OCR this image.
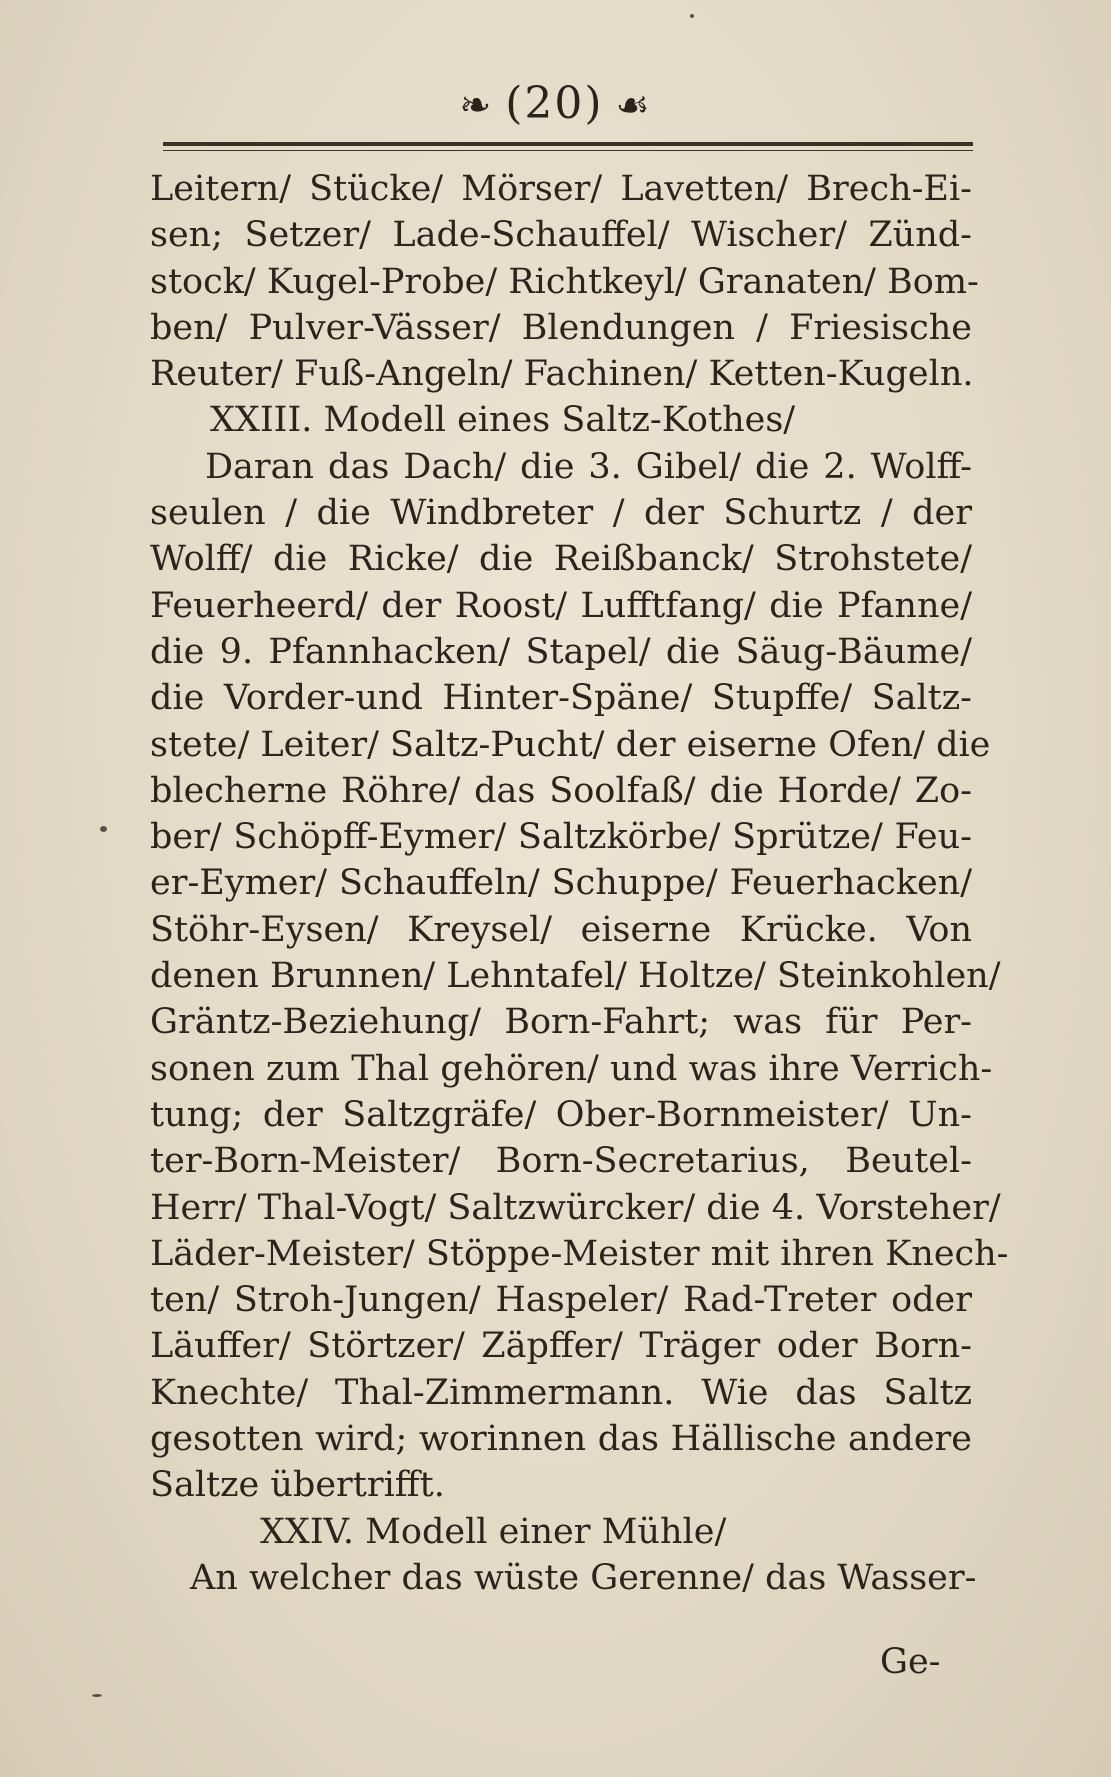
❧ (20) ☙
Leitern/ Stücke/ Mörser/ Lavetten/ Brech-Ei-
sen; Setzer/ Lade-Schauffel/ Wischer/ Zünd-
stock/ Kugel-Probe/ Richtkeyl/ Granaten/ Bom-
ben/ Pulver-Vässer/ Blendungen / Friesische
Reuter/ Fuß-Angeln/ Fachinen/ Ketten-Kugeln.
XXIII. Modell eines Saltz-Kothes/
Daran das Dach/ die 3. Gibel/ die 2. Wolff-
seulen / die Windbreter / der Schurtz / der
Wolff/ die Ricke/ die Reißbanck/ Strohstete/
Feuerheerd/ der Roost/ Lufftfang/ die Pfanne/
die 9. Pfannhacken/ Stapel/ die Säug-Bäume/
die Vorder-und Hinter-Späne/ Stupffe/ Saltz-
stete/ Leiter/ Saltz-Pucht/ der eiserne Ofen/ die
blecherne Röhre/ das Soolfaß/ die Horde/ Zo-
ber/ Schöpff-Eymer/ Saltzkörbe/ Sprütze/ Feu-
er-Eymer/ Schauffeln/ Schuppe/ Feuerhacken/
Stöhr-Eysen/ Kreysel/ eiserne Krücke. Von
denen Brunnen/ Lehntafel/ Holtze/ Steinkohlen/
Gräntz-Beziehung/ Born-Fahrt; was für Per-
sonen zum Thal gehören/ und was ihre Verrich-
tung; der Saltzgräfe/ Ober-Bornmeister/ Un-
ter-Born-Meister/ Born-Secretarius, Beutel-
Herr/ Thal-Vogt/ Saltzwürcker/ die 4. Vorsteher/
Läder-Meister/ Stöppe-Meister mit ihren Knech-
ten/ Stroh-Jungen/ Haspeler/ Rad-Treter oder
Läuffer/ Störtzer/ Zäpffer/ Träger oder Born-
Knechte/ Thal-Zimmermann. Wie das Saltz
gesotten wird; worinnen das Hällische andere
Saltze übertrifft.
XXIV. Modell einer Mühle/
An welcher das wüste Gerenne/ das Wasser-
Ge-
